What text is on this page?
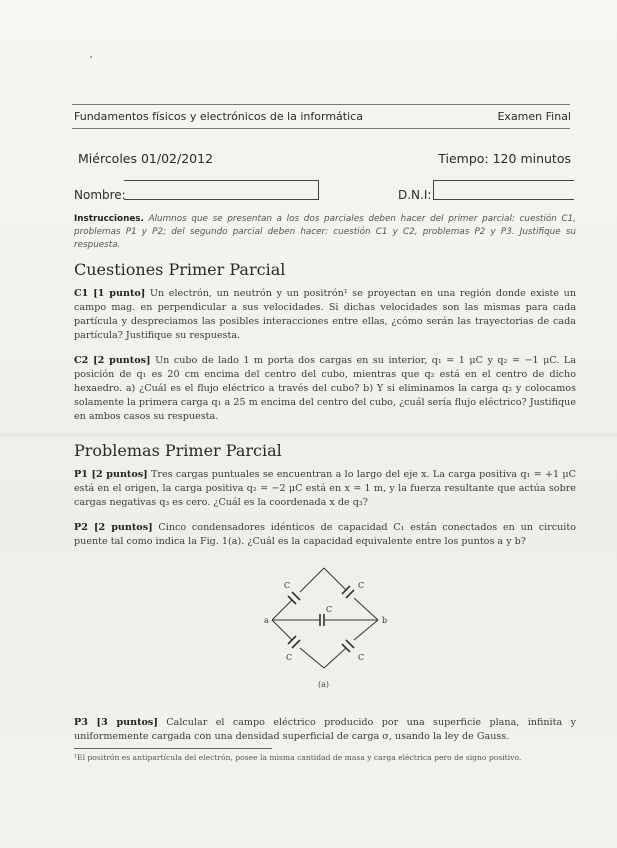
Fundamentos físicos y electrónicos de la informática	Examen Final
Miércoles 01/02/2012	Tiempo: 120 minutos
Nombre:	D.N.I:
Instrucciones. Alumnos que se presentan a los dos parciales deben hacer del primer parcial: cuestión C1, problemas P1 y P2; del segundo parcial deben hacer: cuestión C1 y C2, problemas P2 y P3. Justifique su respuesta.
Cuestiones Primer Parcial
C1 [1 punto] Un electrón, un neutrón y un positrón¹ se proyectan en una región donde existe un campo mag. en perpendicular a sus velocidades. Si dichas velocidades son las mismas para cada partícula y despreciamos las posibles interacciones entre ellas, ¿cómo serán las trayectorias de cada partícula? Justifique su respuesta.
C2 [2 puntos] Un cubo de lado 1 m porta dos cargas en su interior, q₁ = 1 μC y q₂ = −1 μC. La posición de q₁ es 20 cm encima del centro del cubo, mientras que q₂ está en el centro de dicho hexaedro. a) ¿Cuál es el flujo eléctrico a través del cubo? b) Y si eliminamos la carga q₂ y colocamos solamente la primera carga q₁ a 25 m encima del centro del cubo, ¿cuál sería flujo eléctrico? Justifique en ambos casos su respuesta.
Problemas Primer Parcial
P1 [2 puntos] Tres cargas puntuales se encuentran a lo largo del eje x. La carga positiva q₁ = +1 μC está en el origen, la carga positiva q₂ = −2 μC está en x = 1 m, y la fuerza resultante que actúa sobre cargas negativas q₃ es cero. ¿Cuál es la coordenada x de q₃?
P2 [2 puntos] Cinco condensadores idénticos de capacidad C₁ están conectados en un circuito puente tal como indica la Fig. 1(a). ¿Cuál es la capacidad equivalente entre los puntos a y b?
C	C
C
C	C
a	b
(a)
P3 [3 puntos] Calcular el campo eléctrico producido por una superficie plana, infinita y uniformemente cargada con una densidad superficial de carga σ, usando la ley de Gauss.
¹El positrón es antipartícula del electrón, posee la misma cantidad de masa y carga eléctrica pero de signo positivo.
